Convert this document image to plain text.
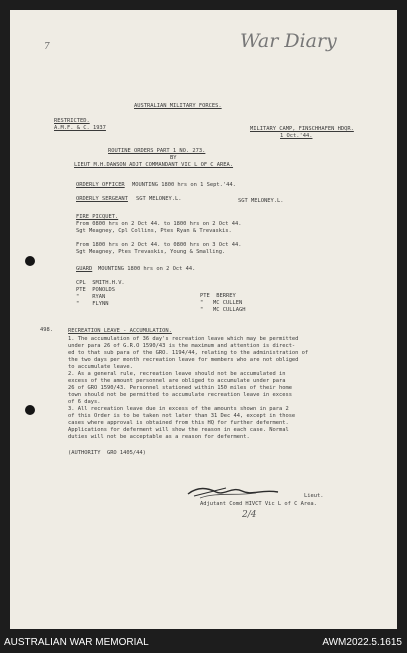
War Diary
7
AUSTRALIAN MILITARY FORCES.
RESTRICTED.
A.M.F. & C. 1937	MILITARY CAMP, FINSCHHAFEN HDQR.
1 Oct.'44.
ROUTINE ORDERS PART 1 NO. 273.
BY
LIEUT M.H.DAWSON ADJT COMMANDANT VIC L OF C AREA.
ORDERLY OFFICER MOUNTING 1800 hrs on 1 Sept.'44.
ORDERLY SERGEANT SGT MELONEY.L.	SGT MELONEY.L.
FIRE PICQUET.
From 0800 hrs on 2 Oct 44. to 1800 hrs on 2 Oct 44.
Sgt Meagney, Cpl Collins, Ptes Ryan & Trevaskis.
From 1800 hrs on 2 Oct 44. to 0800 hrs on 3 Oct 44.
Sgt Meagney, Ptes Trevaskis, Young & Smalling.
GUARD MOUNTING 1800 hrs on 2 Oct 44.
CPL  SMITH.H.V.
PTE  PONOLDS
"    RYAN
"    FLYNN
PTE  BERREY
"   MC CULLEN
"   MC CULLAGH
498.	RECREATION LEAVE - ACCUMULATION.
1. The accumulation of 36 day's recreation leave which may be permitted
under para 26 of G.R.O 1590/43 is the maximum and attention is direct-
ed to that sub para of the GRO. 1194/44, relating to the administration of
the two days per month recreation leave for members who are not obliged
to accumulate leave.
2. As a general rule, recreation leave should not be accumulated in
excess of the amount personnel are obliged to accumulate under para
26 of GRO 1590/43. Personnel stationed within 150 miles of their home
town should not be permitted to accumulate recreation leave in excess
of 6 days.
3. All recreation leave due in excess of the amounts shown in para 2
of this Order is to be taken not later than 31 Dec 44, except in those
cases where approval is obtained from this HQ for further deferment.
Applications for deferment will show the reason in each case. Normal
duties will not be acceptable as a reason for deferment.
(AUTHORITY  GRO 1405/44)
Lieut.
Adjutant Comd HIVCT Vic L of C Area.
2/4
AUSTRALIAN WAR MEMORIAL	AWM2022.5.1615
